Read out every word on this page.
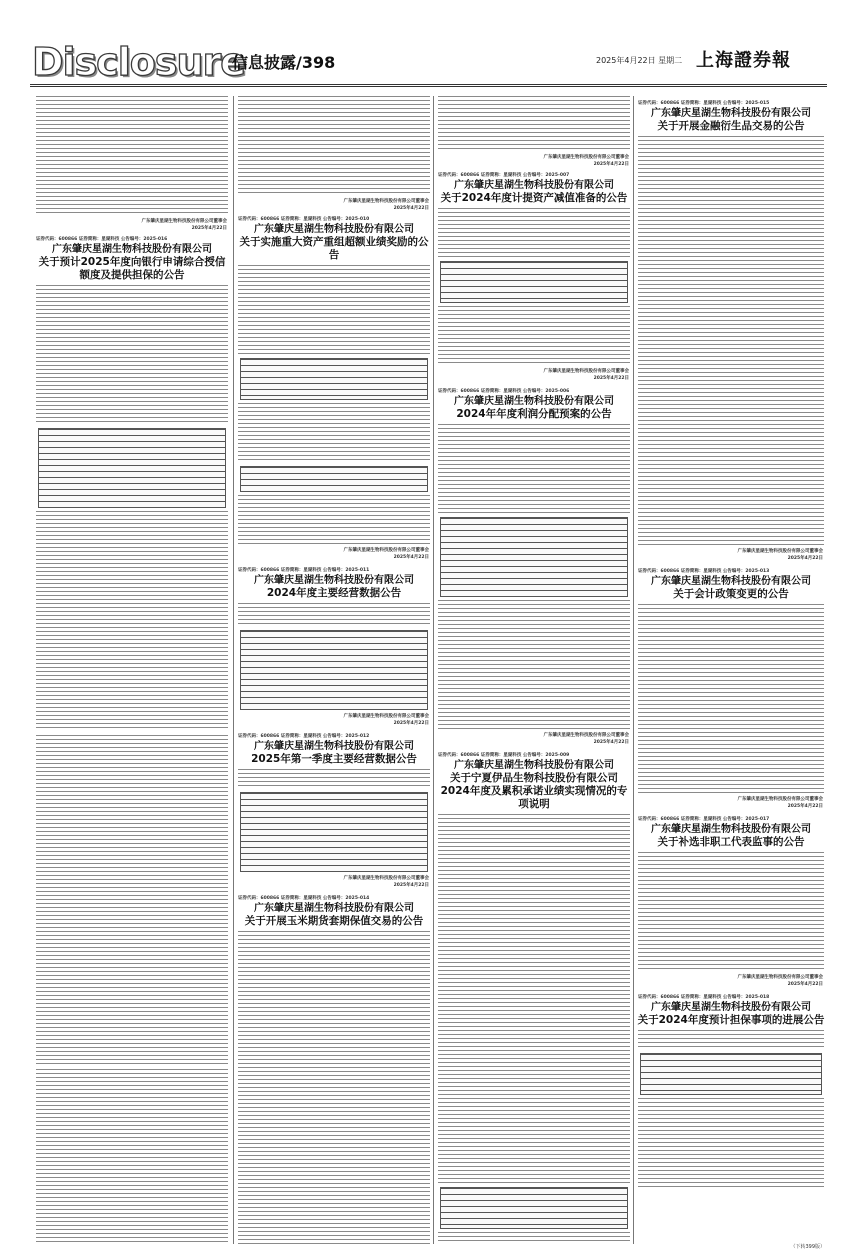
Disclosure
信息披露/398	2025年4月22日 星期二 上海證券報
广东肇庆星湖生物科技股份有限公司董事会
2025年4月22日
证券代码：600866 证券简称：星湖科技 公告编号：2025-016
广东肇庆星湖生物科技股份有限公司
关于预计2025年度向银行申请综合授信额度及提供担保的公告
广东肇庆星湖生物科技股份有限公司董事会
2025年4月22日
证券代码：600866 证券简称：星湖科技 公告编号：2025-010
广东肇庆星湖生物科技股份有限公司
关于实施重大资产重组超额业绩奖励的公告
广东肇庆星湖生物科技股份有限公司董事会
2025年4月22日
证券代码：600866 证券简称：星湖科技 公告编号：2025-011
广东肇庆星湖生物科技股份有限公司
2024年度主要经营数据公告
广东肇庆星湖生物科技股份有限公司董事会
2025年4月22日
证券代码：600866 证券简称：星湖科技 公告编号：2025-012
广东肇庆星湖生物科技股份有限公司
2025年第一季度主要经营数据公告
广东肇庆星湖生物科技股份有限公司董事会
2025年4月22日
证券代码：600866 证券简称：星湖科技 公告编号：2025-014
广东肇庆星湖生物科技股份有限公司
关于开展玉米期货套期保值交易的公告
广东肇庆星湖生物科技股份有限公司董事会
2025年4月22日
证券代码：600866 证券简称：星湖科技 公告编号：2025-007
广东肇庆星湖生物科技股份有限公司
关于2024年度计提资产减值准备的公告
广东肇庆星湖生物科技股份有限公司董事会
2025年4月22日
证券代码：600866 证券简称：星湖科技 公告编号：2025-006
广东肇庆星湖生物科技股份有限公司
2024年年度利润分配预案的公告
广东肇庆星湖生物科技股份有限公司董事会
2025年4月22日
证券代码：600866 证券简称：星湖科技 公告编号：2025-009
广东肇庆星湖生物科技股份有限公司
关于宁夏伊品生物科技股份有限公司2024年度及累积承诺业绩实现情况的专项说明
证券代码：600866 证券简称：星湖科技 公告编号：2025-015
广东肇庆星湖生物科技股份有限公司
关于开展金融衍生品交易的公告
广东肇庆星湖生物科技股份有限公司董事会
2025年4月22日
证券代码：600866 证券简称：星湖科技 公告编号：2025-013
广东肇庆星湖生物科技股份有限公司
关于会计政策变更的公告
广东肇庆星湖生物科技股份有限公司董事会
2025年4月22日
证券代码：600866 证券简称：星湖科技 公告编号：2025-017
广东肇庆星湖生物科技股份有限公司
关于补选非职工代表监事的公告
广东肇庆星湖生物科技股份有限公司董事会
2025年4月22日
证券代码：600866 证券简称：星湖科技 公告编号：2025-018
广东肇庆星湖生物科技股份有限公司
关于2024年度预计担保事项的进展公告
（下转399版）
